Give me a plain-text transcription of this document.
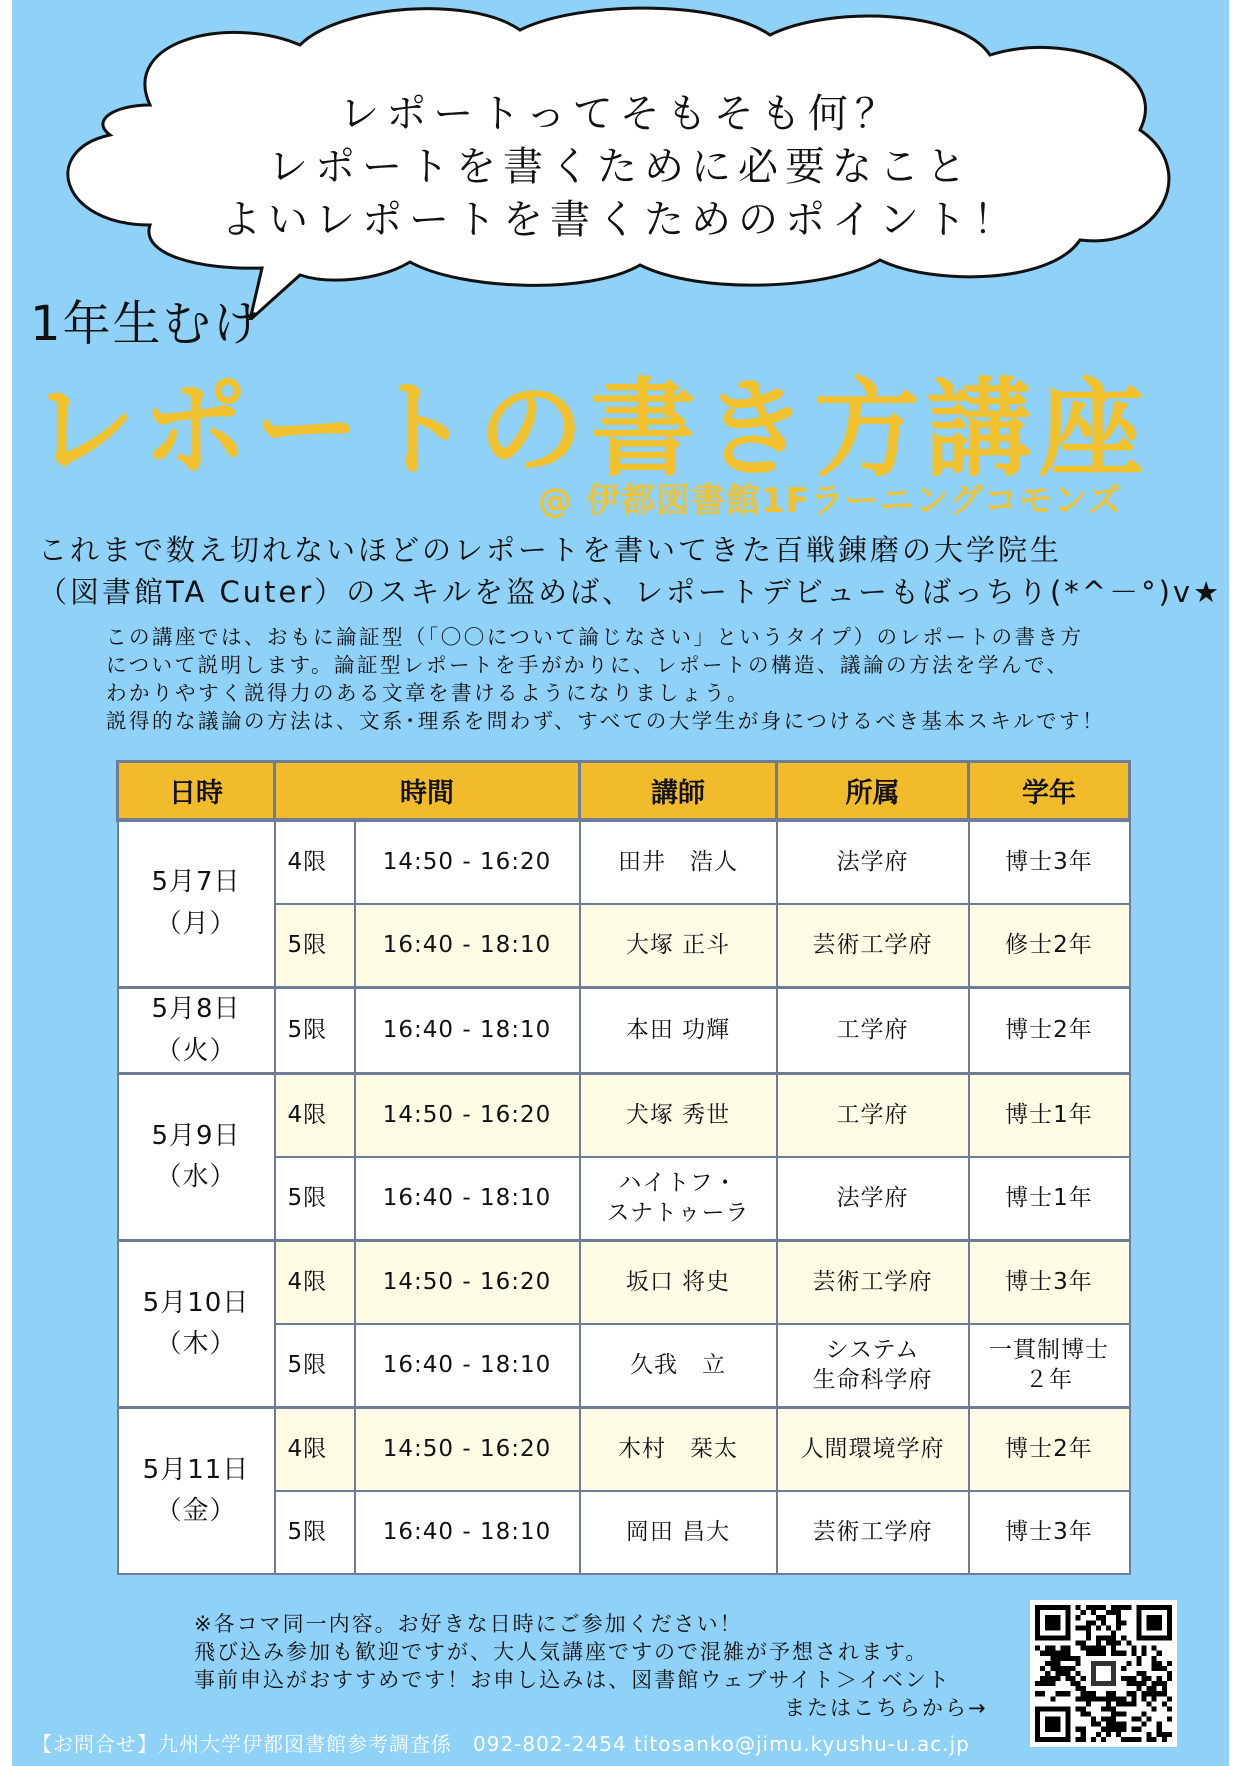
レポートってそもそも何？
レポートを書くために必要なこと
よいレポートを書くためのポイント！
1年生むけ
レポートの書き方講座
@ 伊都図書館1Fラーニングコモンズ
これまで数え切れないほどのレポートを書いてきた百戦錬磨の大学院生
（図書館TA Cuter）のスキルを盗めば、レポートデビューもばっちり(*^－°)v★
この講座では、おもに論証型（「〇〇について論じなさい」というタイプ）のレポートの書き方
について説明します。論証型レポートを手がかりに、レポートの構造、議論の方法を学んで、
わかりやすく説得力のある文章を書けるようになりましょう。
説得的な議論の方法は、文系･理系を問わず、すべての大学生が身につけるべき基本スキルです！
日時	時間		講師	所属	学年
5月7日
（月）	4限	14:50 - 16:20	田井　浩人	法学府	博士3年
	5限	16:40 - 18:10	大塚 正斗	芸術工学府	修士2年
5月8日
（火）	5限	16:40 - 18:10	本田 功輝	工学府	博士2年
5月9日
（水）	4限	14:50 - 16:20	犬塚 秀世	工学府	博士1年
	5限	16:40 - 18:10	ハイトフ・
スナトゥーラ	法学府	博士1年
5月10日
（木）	4限	14:50 - 16:20	坂口 将史	芸術工学府	博士3年
	5限	16:40 - 18:10	久我　立	システム
生命科学府	一貫制博士
２年
5月11日
（金）	4限	14:50 - 16:20	木村　栞太	人間環境学府	博士2年
	5限	16:40 - 18:10	岡田 昌大	芸術工学府	博士3年
※各コマ同一内容。お好きな日時にご参加ください！
飛び込み参加も歓迎ですが、大人気講座ですので混雑が予想されます。
事前申込がおすすめです！お申し込みは、図書館ウェブサイト＞イベント
またはこちらから→
【お問合せ】九州大学伊都図書館参考調査係　092-802-2454 titosanko@jimu.kyushu-u.ac.jp
